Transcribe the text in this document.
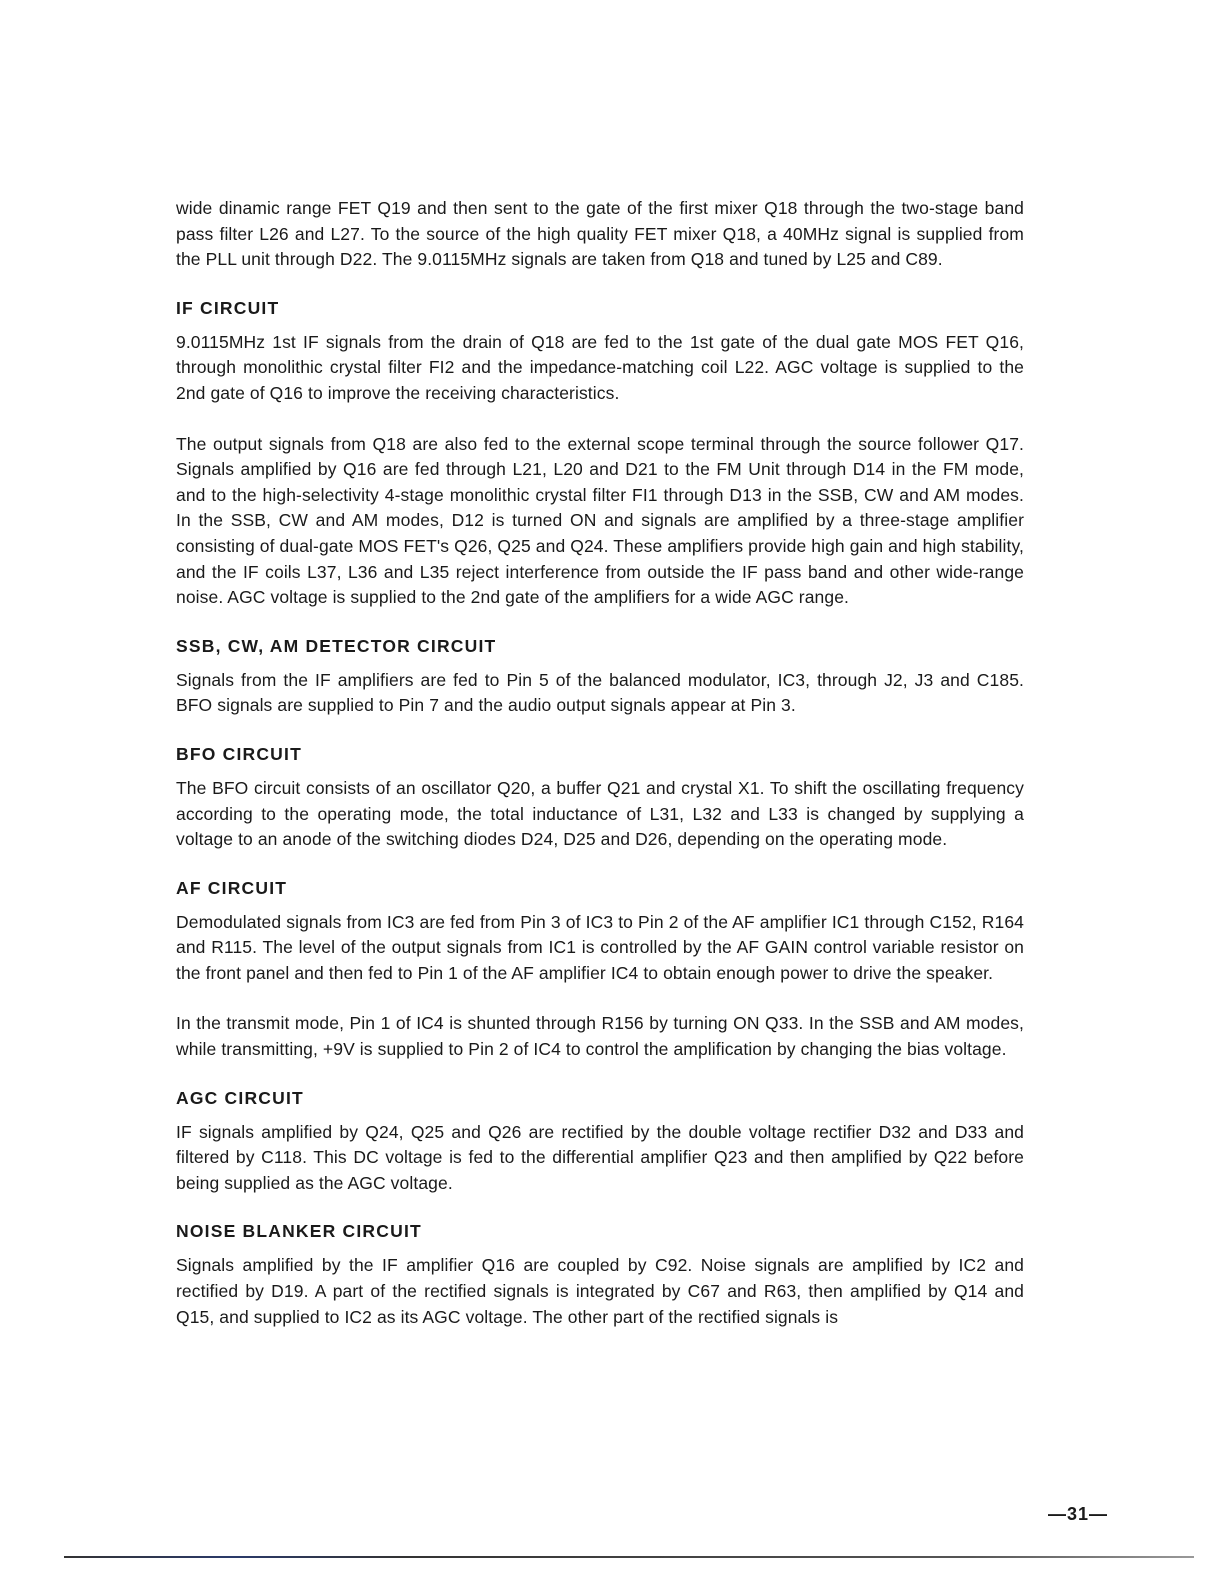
wide dinamic range FET Q19 and then sent to the gate of the first mixer Q18 through the two-stage band pass filter L26 and L27. To the source of the high quality FET mixer Q18, a 40MHz signal is supplied from the PLL unit through D22. The 9.0115MHz signals are taken from Q18 and tuned by L25 and C89.

IF CIRCUIT

9.0115MHz 1st IF signals from the drain of Q18 are fed to the 1st gate of the dual gate MOS FET Q16, through monolithic crystal filter FI2 and the impedance-matching coil L22. AGC voltage is supplied to the 2nd gate of Q16 to improve the receiving characteristics.

The output signals from Q18 are also fed to the external scope terminal through the source follower Q17. Signals amplified by Q16 are fed through L21, L20 and D21 to the FM Unit through D14 in the FM mode, and to the high-selectivity 4-stage monolithic crystal filter FI1 through D13 in the SSB, CW and AM modes. In the SSB, CW and AM modes, D12 is turned ON and signals are amplified by a three-stage amplifier consisting of dual-gate MOS FET's Q26, Q25 and Q24. These amplifiers provide high gain and high stability, and the IF coils L37, L36 and L35 reject interference from outside the IF pass band and other wide-range noise. AGC voltage is supplied to the 2nd gate of the amplifiers for a wide AGC range.

SSB, CW, AM DETECTOR CIRCUIT

Signals from the IF amplifiers are fed to Pin 5 of the balanced modulator, IC3, through J2, J3 and C185. BFO signals are supplied to Pin 7 and the audio output signals appear at Pin 3.

BFO CIRCUIT

The BFO circuit consists of an oscillator Q20, a buffer Q21 and crystal X1. To shift the oscillating frequency according to the operating mode, the total inductance of L31, L32 and L33 is changed by supplying a voltage to an anode of the switching diodes D24, D25 and D26, depending on the operating mode.

AF CIRCUIT

Demodulated signals from IC3 are fed from Pin 3 of IC3 to Pin 2 of the AF amplifier IC1 through C152, R164 and R115. The level of the output signals from IC1 is controlled by the AF GAIN control variable resistor on the front panel and then fed to Pin 1 of the AF amplifier IC4 to obtain enough power to drive the speaker.

In the transmit mode, Pin 1 of IC4 is shunted through R156 by turning ON Q33. In the SSB and AM modes, while transmitting, +9V is supplied to Pin 2 of IC4 to control the amplification by changing the bias voltage.

AGC CIRCUIT

IF signals amplified by Q24, Q25 and Q26 are rectified by the double voltage rectifier D32 and D33 and filtered by C118. This DC voltage is fed to the differential amplifier Q23 and then amplified by Q22 before being supplied as the AGC voltage.

NOISE BLANKER CIRCUIT

Signals amplified by the IF amplifier Q16 are coupled by C92. Noise signals are amplified by IC2 and rectified by D19. A part of the rectified signals is integrated by C67 and R63, then amplified by Q14 and Q15, and supplied to IC2 as its AGC voltage. The other part of the rectified signals is

—31—
